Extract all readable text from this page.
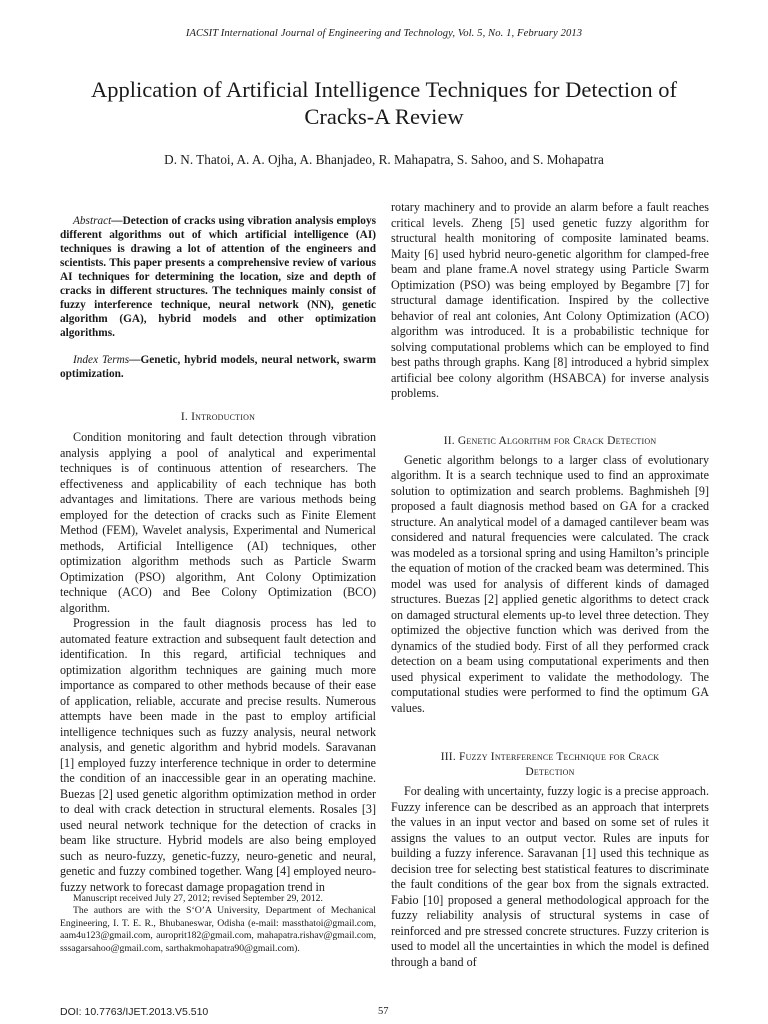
IACSIT International Journal of Engineering and Technology, Vol. 5, No. 1, February 2013
Application of Artificial Intelligence Techniques for Detection of Cracks-A Review
D. N. Thatoi, A. A. Ojha, A. Bhanjadeo, R. Mahapatra, S. Sahoo, and S. Mohapatra

Abstract—Detection of cracks using vibration analysis employs different algorithms out of which artificial intelligence (AI) techniques is drawing a lot of attention of the engineers and scientists. This paper presents a comprehensive review of various AI techniques for determining the location, size and depth of cracks in different structures. The techniques mainly consist of fuzzy interference technique, neural network (NN), genetic algorithm (GA), hybrid models and other optimization algorithms.

Index Terms—Genetic, hybrid models, neural network, swarm optimization.

I. Introduction

Condition monitoring and fault detection through vibration analysis applying a pool of analytical and experimental techniques is of continuous attention of researchers. The effectiveness and applicability of each technique has both advantages and limitations. There are various methods being employed for the detection of cracks such as Finite Element Method (FEM), Wavelet analysis, Experimental and Numerical methods, Artificial Intelligence (AI) techniques, other optimization algorithm methods such as Particle Swarm Optimization (PSO) algorithm, Ant Colony Optimization technique (ACO) and Bee Colony Optimization (BCO) algorithm.

Progression in the fault diagnosis process has led to automated feature extraction and subsequent fault detection and identification. In this regard, artificial techniques and optimization algorithm techniques are gaining much more importance as compared to other methods because of their ease of application, reliable, accurate and precise results. Numerous attempts have been made in the past to employ artificial intelligence techniques such as fuzzy analysis, neural network analysis, and genetic algorithm and hybrid models. Saravanan [1] employed fuzzy interference technique in order to determine the condition of an inaccessible gear in an operating machine. Buezas [2] used genetic algorithm optimization method in order to deal with crack detection in structural elements. Rosales [3] used neural network technique for the detection of cracks in beam like structure. Hybrid models are also being employed such as neuro-fuzzy, genetic-fuzzy, neuro-genetic and neural, genetic and fuzzy combined together. Wang [4] employed neuro-fuzzy network to forecast damage propagation trend in

rotary machinery and to provide an alarm before a fault reaches critical levels. Zheng [5] used genetic fuzzy algorithm for structural health monitoring of composite laminated beams. Maity [6] used hybrid neuro-genetic algorithm for clamped-free beam and plane frame.A novel strategy using Particle Swarm Optimization (PSO) was being employed by Begambre [7] for structural damage identification. Inspired by the collective behavior of real ant colonies, Ant Colony Optimization (ACO) algorithm was introduced. It is a probabilistic technique for solving computational problems which can be employed to find best paths through graphs. Kang [8] introduced a hybrid simplex artificial bee colony algorithm (HSABCA) for inverse analysis problems.

II. Genetic Algorithm for Crack Detection

Genetic algorithm belongs to a larger class of evolutionary algorithm. It is a search technique used to find an approximate solution to optimization and search problems. Baghmisheh [9] proposed a fault diagnosis method based on GA for a cracked structure. An analytical model of a damaged cantilever beam was considered and natural frequencies were calculated. The crack was modeled as a torsional spring and using Hamilton’s principle the equation of motion of the cracked beam was determined. This model was used for analysis of different kinds of damaged structures. Buezas [2] applied genetic algorithms to detect crack on damaged structural elements up-to level three detection. They optimized the objective function which was derived from the dynamics of the studied body. First of all they performed crack detection on a beam using computational experiments and then used physical experiment to validate the methodology. The computational studies were performed to find the optimum GA values.

III. Fuzzy Interference Technique for Crack
Detection

For dealing with uncertainty, fuzzy logic is a precise approach. Fuzzy inference can be described as an approach that interprets the values in an input vector and based on some set of rules it assigns the values to an output vector. Rules are inputs for building a fuzzy inference. Saravanan [1] used this technique as decision tree for selecting best statistical features to discriminate the fault conditions of the gear box from the signals extracted. Fabio [10] proposed a general methodological approach for the fuzzy reliability analysis of structural systems in case of reinforced and pre stressed concrete structures. Fuzzy criterion is used to model all the uncertainties in which the model is defined through a band of

Manuscript received July 27, 2012; revised September 29, 2012.

The authors are with the S‘O’A University, Department of Mechanical Engineering, I. T. E. R., Bhubaneswar, Odisha (e-mail: massthatoi@gmail.com, aam4u123@gmail.com, auroprit182@gmail.com, mahapatra.rishav@gmail.com, sssagarsahoo@gmail.com, sarthakmohapatra90@gmail.com).

DOI: 10.7763/IJET.2013.V5.510	57
